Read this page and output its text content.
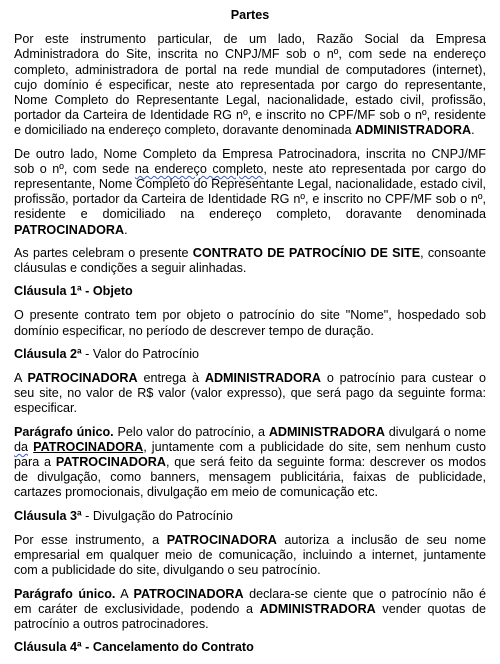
Partes

Por este instrumento particular, de um lado, Razão Social da Empresa Administradora do Site, inscrita no CNPJ/MF sob o nº, com sede na endereço completo, administradora de portal na rede mundial de computadores (internet), cujo domínio é especificar, neste ato representada por cargo do representante, Nome Completo do Representante Legal, nacionalidade, estado civil, profissão, portador da Carteira de Identidade RG nº, e inscrito no CPF/MF sob o nº, residente e domiciliado na endereço completo, doravante denominada ADMINISTRADORA.

De outro lado, Nome Completo da Empresa Patrocinadora, inscrita no CNPJ/MF sob o nº, com sede na endereço completo, neste ato representada por cargo do representante, Nome Completo do Representante Legal, nacionalidade, estado civil, profissão, portador da Carteira de Identidade RG nº, e inscrito no CPF/MF sob o nº, residente e domiciliado na endereço completo, doravante denominada PATROCINADORA.

As partes celebram o presente CONTRATO DE PATROCÍNIO DE SITE, consoante cláusulas e condições a seguir alinhadas.

Cláusula 1ª - Objeto

O presente contrato tem por objeto o patrocínio do site "Nome", hospedado sob domínio especificar, no período de descrever tempo de duração.

Cláusula 2ª - Valor do Patrocínio

A PATROCINADORA entrega à ADMINISTRADORA o patrocínio para custear o seu site, no valor de R$ valor (valor expresso), que será pago da seguinte forma: especificar.

Parágrafo único. Pelo valor do patrocínio, a ADMINISTRADORA divulgará o nome da PATROCINADORA, juntamente com a publicidade do site, sem nenhum custo para a PATROCINADORA, que será feito da seguinte forma: descrever os modos de divulgação, como banners, mensagem publicitária, faixas de publicidade, cartazes promocionais, divulgação em meio de comunicação etc.

Cláusula 3ª - Divulgação do Patrocínio

Por esse instrumento, a PATROCINADORA autoriza a inclusão de seu nome empresarial em qualquer meio de comunicação, incluindo a internet, juntamente com a publicidade do site, divulgando o seu patrocínio.

Parágrafo único. A PATROCINADORA declara-se ciente que o patrocínio não é em caráter de exclusividade, podendo a ADMINISTRADORA vender quotas de patrocínio a outros patrocinadores.

Cláusula 4ª - Cancelamento do Contrato
